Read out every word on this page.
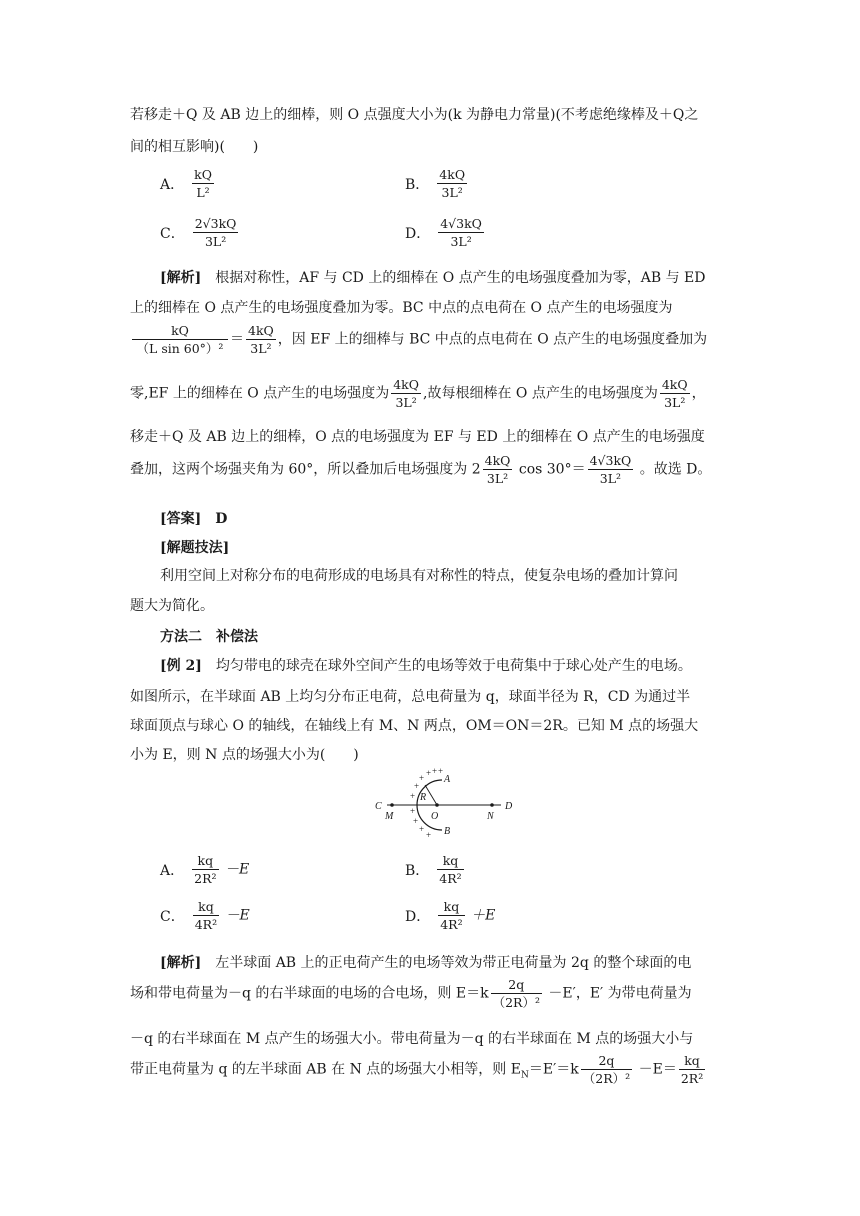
若移走＋Q 及 AB 边上的细棒，则 O 点强度大小为(k 为静电力常量)(不考虑绝缘棒及＋Q之
间的相互影响)(　　)
A． $\frac{kQ}{\text{L²}}$	B． $\frac{4kQ}{\text{3L²}}$
C． $\frac{2√3kQ}{\text{3L²}}$	D． $\frac{4√3kQ}{\text{3L²}}$
[解析]　 根据对称性，AF 与 CD 上的细棒在 O 点产生的电场强度叠加为零，AB 与 ED
上的细棒在 O 点产生的电场强度叠加为零。BC 中点的点电荷在 O 点产生的电场强度为
$\frac{kQ}{\text{（L sin 60°）²}} = \frac{4kQ}{\text{3L²}}$ ，因 EF 上的细棒与 BC 中点的点电荷在 O 点产生的电场强度叠加为
零,EF 上的细棒在 O 点产生的电场强度为 $\frac{4kQ}{\text{3L²}}$ ,故每根细棒在 O 点产生的电场强度为 $\frac{4kQ}{\text{3L²}}$ ，
移走＋Q 及 AB 边上的细棒，O 点的电场强度为 EF 与 ED 上的细棒在 O 点产生的电场强度
叠加，这两个场强夹角为 60°，所以叠加后电场强度为 $2 \frac{4kQ}{\text{3L²}}$ $\cos 30^\circ= \frac{4√3kQ}{\text{3L²}}$ 。故选 D。
[答案]　 D
[解题技法]
利用空间上对称分布的电荷形成的电场具有对称性的特点，使复杂电场的叠加计算问
题大为简化。
方法二　补偿法
[例 2]　 均匀带电的球壳在球外空间产生的电场等效于电荷集中于球心处产生的电场。
如图所示，在半球面 AB 上均匀分布正电荷，总电荷量为 q，球面半径为 R，CD 为通过半
球面顶点与球心 O 的轴线，在轴线上有 M、N 两点，OM＝ON＝2R。已知 M 点的场强大
小为 E，则 N 点的场强大小为(　　)
+ + +
+
+
+
+
+
+
+
A
B
C	D
M	N
O
R
A． $\frac{kq}{\text{2R²}} -E$	B． $\frac{kq}{\text{4R²}}$
C． $\frac{kq}{\text{4R²}} -E$	D． $\frac{kq}{\text{4R²}} +E$
[解析]　 左半球面 AB 上的正电荷产生的电场等效为带正电荷量为 2q 的整个球面的电
场和带电荷量为－q 的右半球面的电场的合电场，则 $E=k \frac{2q}{\text{（2R）²}} -E'$，E′ 为带电荷量为
－q 的右半球面在 M 点产生的场强大小。带电荷量为－q 的右半球面在 M 点的场强大小与
带正电荷量为 q 的左半球面 AB 在 N 点的场强大小相等，则 $E_N=E'=k \frac{2q}{\text{（2R）²}} -E= \frac{kq}{\text{2R²}}$
